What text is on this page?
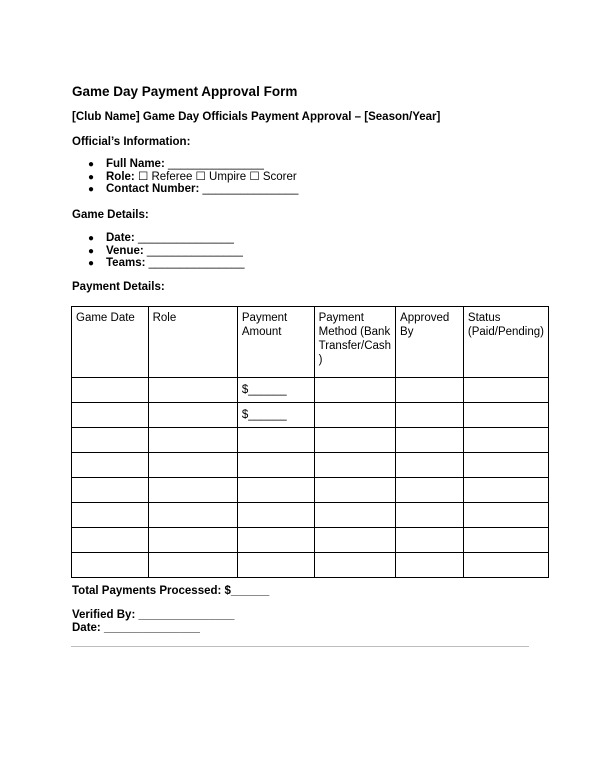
Game Day Payment Approval Form
[Club Name] Game Day Officials Payment Approval – [Season/Year]
Official’s Information:
● Full Name: _______________
● Role: ☐ Referee ☐ Umpire ☐ Scorer
● Contact Number: _______________
Game Details:
● Date: _______________
● Venue: _______________
● Teams: _______________
Payment Details:
Game Date	Role	Payment Amount	Payment Method (Bank Transfer/Cash )	Approved By	Status (Paid/Pending)
		$______			
		$______			

Total Payments Processed: $______
Verified By: _______________
Date: _______________
